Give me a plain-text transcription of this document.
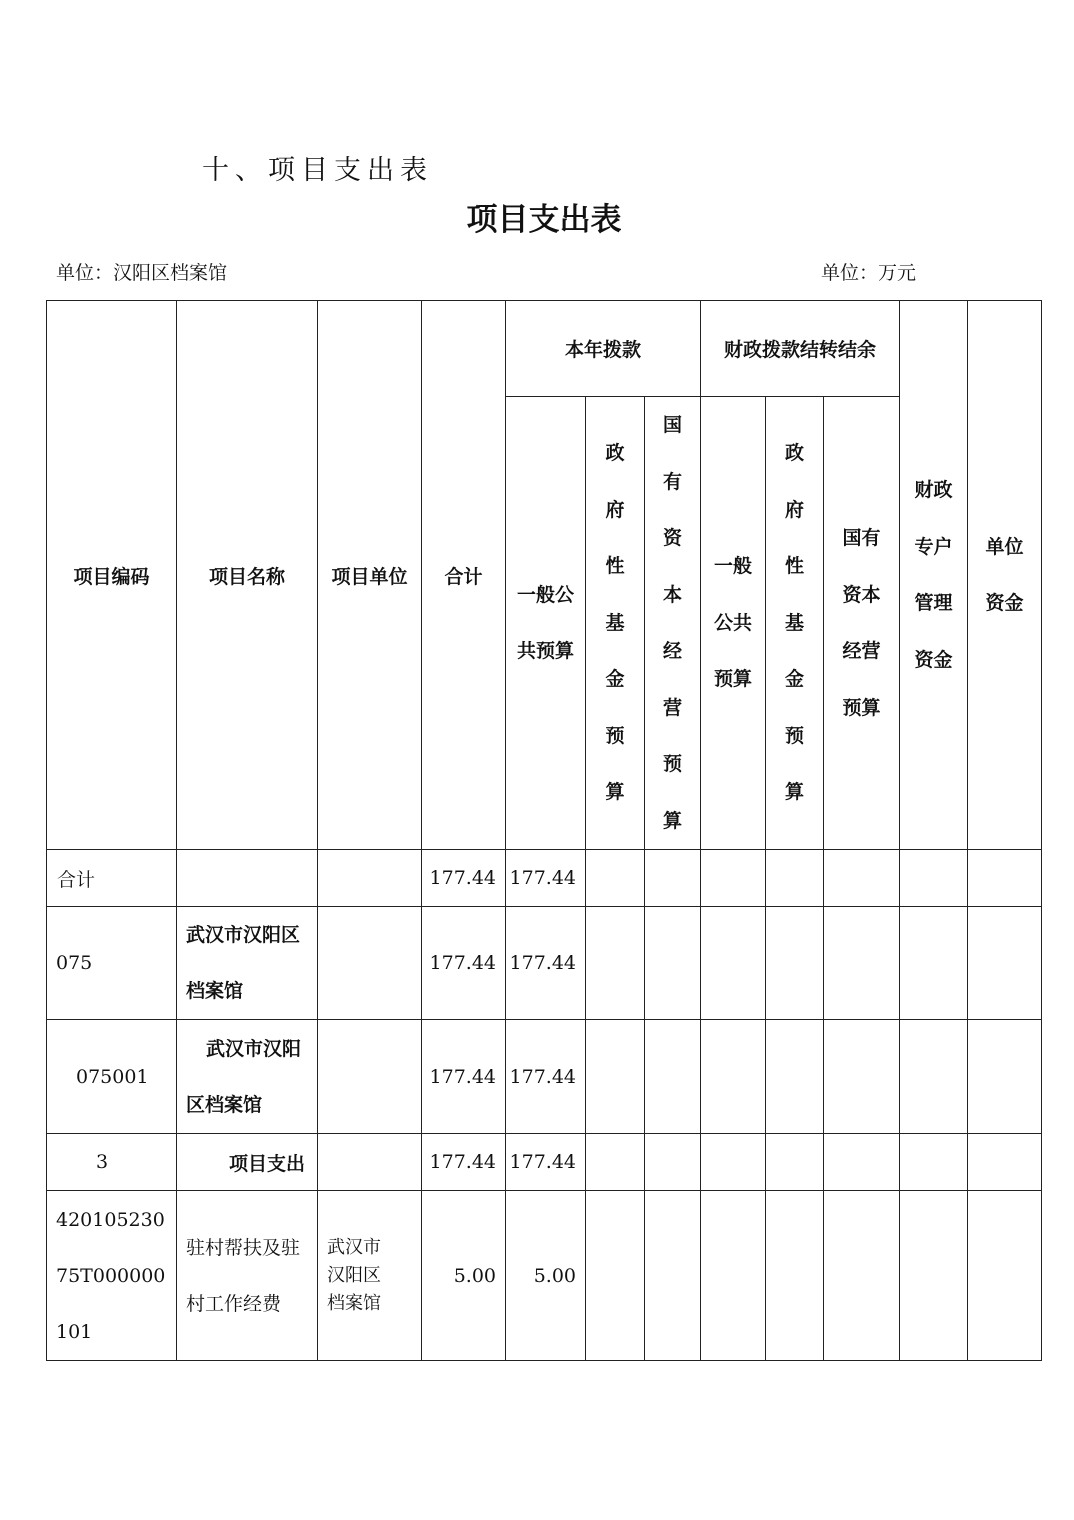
十、项目支出表
项目支出表
单位：汉阳区档案馆	单位：万元
项目编码	项目名称	项目单位	合计	本年拨款			财政拨款结转结余			财政专户管理资金	单位资金

				一般公共预算	政府性基金预算	国有资本经营预算	一般公共预算	政府性基金预算	国有资本经营预算		

合计			177.44	177.44							
075	武汉市汉阳区档案馆		177.44	177.44							
075001	武汉市汉阳区档案馆		177.44	177.44							
3	项目支出		177.44	177.44							
42010523075T000000101	驻村帮扶及驻村工作经费	武汉市汉阳区档案馆	5.00	5.00							
